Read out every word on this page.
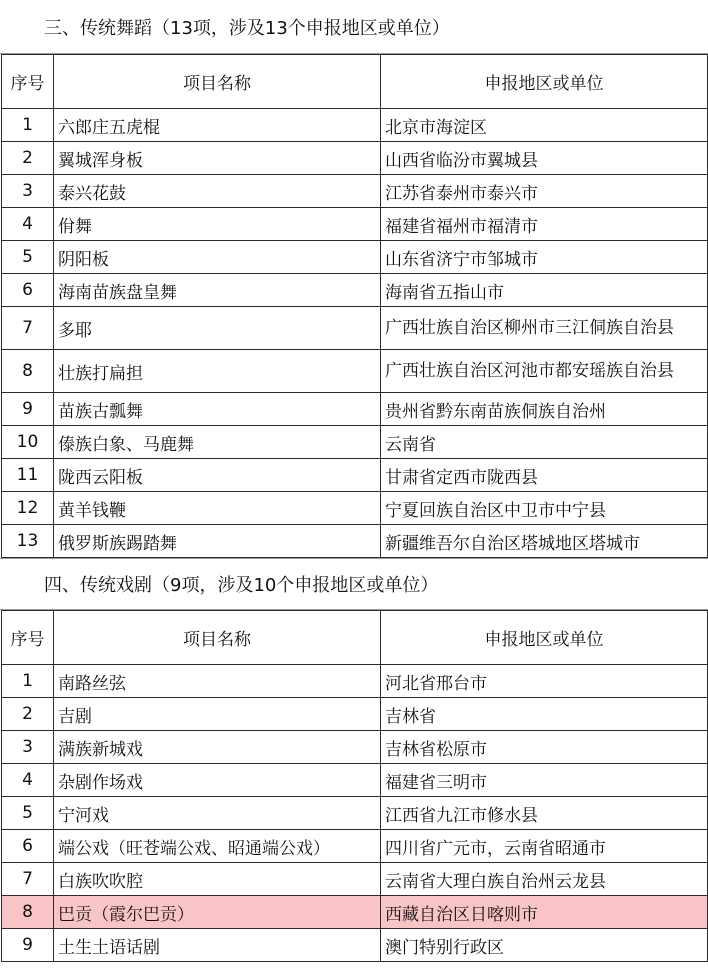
三、传统舞蹈（13项，涉及13个申报地区或单位）
序号	项目名称	申报地区或单位
1	六郎庄五虎棍	北京市海淀区
2	翼城浑身板	山西省临汾市翼城县
3	泰兴花鼓	江苏省泰州市泰兴市
4	佾舞	福建省福州市福清市
5	阴阳板	山东省济宁市邹城市
6	海南苗族盘皇舞	海南省五指山市
7	多耶	广西壮族自治区柳州市三江侗族自治县
8	壮族打扁担	广西壮族自治区河池市都安瑶族自治县
9	苗族古瓢舞	贵州省黔东南苗族侗族自治州
10	傣族白象、马鹿舞	云南省
11	陇西云阳板	甘肃省定西市陇西县
12	黄羊钱鞭	宁夏回族自治区中卫市中宁县
13	俄罗斯族踢踏舞	新疆维吾尔自治区塔城地区塔城市
四、传统戏剧（9项，涉及10个申报地区或单位）
序号	项目名称	申报地区或单位
1	南路丝弦	河北省邢台市
2	吉剧	吉林省
3	满族新城戏	吉林省松原市
4	杂剧作场戏	福建省三明市
5	宁河戏	江西省九江市修水县
6	端公戏（旺苍端公戏、昭通端公戏）	四川省广元市，云南省昭通市
7	白族吹吹腔	云南省大理白族自治州云龙县
8	巴贡（霞尔巴贡）	西藏自治区日喀则市
9	土生土语话剧	澳门特别行政区
